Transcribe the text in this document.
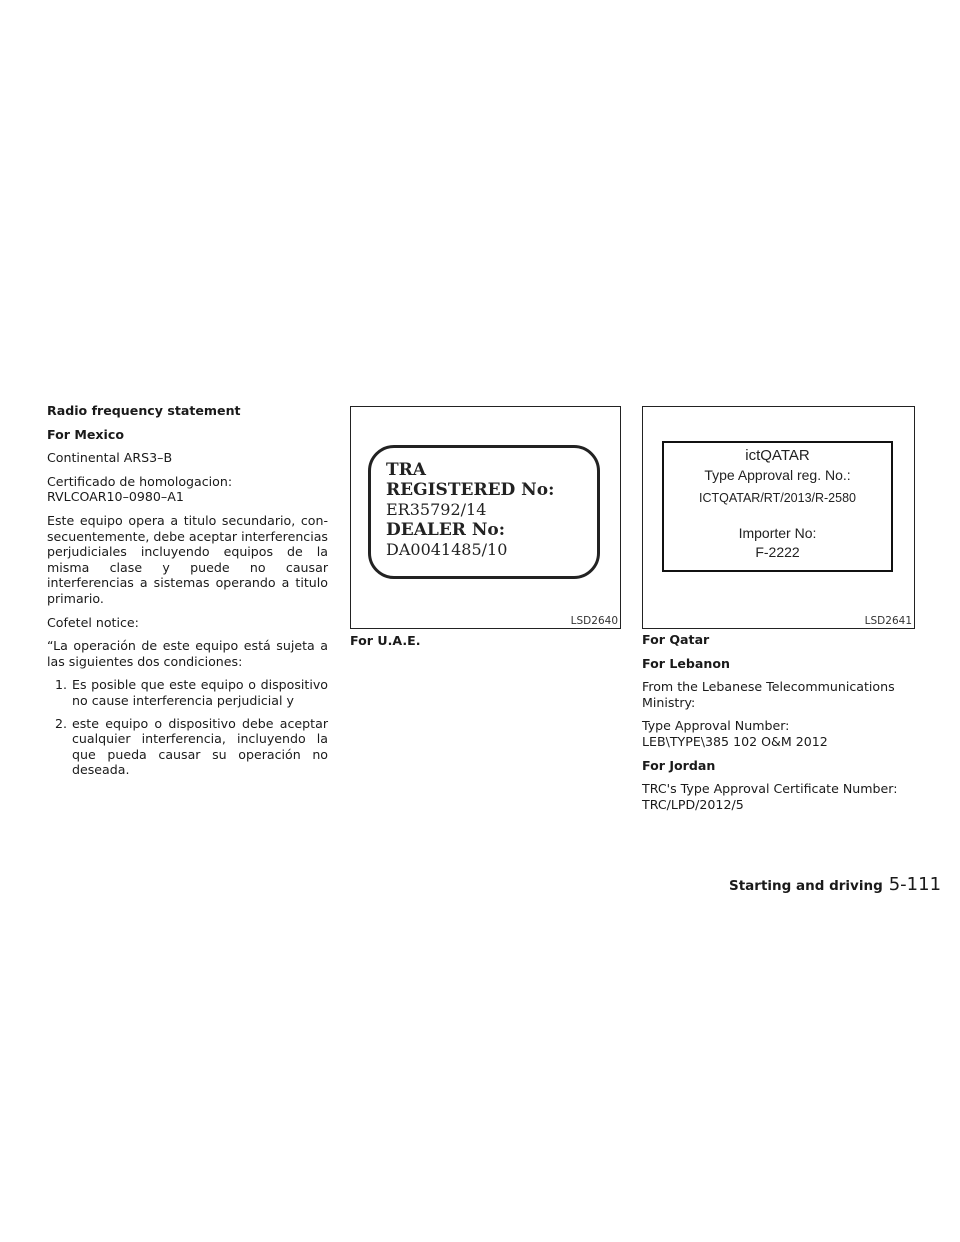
Radio frequency statement

For Mexico

Continental ARS3–B

Certificado de homologacion:
RVLCOAR10–0980–A1

Este equipo opera a titulo secundario, con-secuentemente, debe aceptar interferencias perjudiciales incluyendo equipos de la misma clase y puede no causar interferencias a sistemas operando a titulo primario.

Cofetel notice:

“La operación de este equipo está sujeta a las siguientes dos condiciones:

1. Es posible que este equipo o dispositivo no cause interferencia perjudicial y
2. este equipo o dispositivo debe aceptar cualquier interferencia, incluyendo la que pueda causar su operación no deseada.
TRA
REGISTERED No:
ER35792/14
DEALER No:
DA0041485/10
LSD2640
ictQATAR
Type Approval reg. No.:
ICTQATAR/RT/2013/R-2580
Importer No:
F-2222
LSD2641
For U.A.E.	For Qatar

For Lebanon

From the Lebanese Telecommunications Ministry:

Type Approval Number:
LEB\TYPE\385 102 O&M 2012

For Jordan

TRC's Type Approval Certificate Number:
TRC/LPD/2012/5

Starting and driving 5-111
